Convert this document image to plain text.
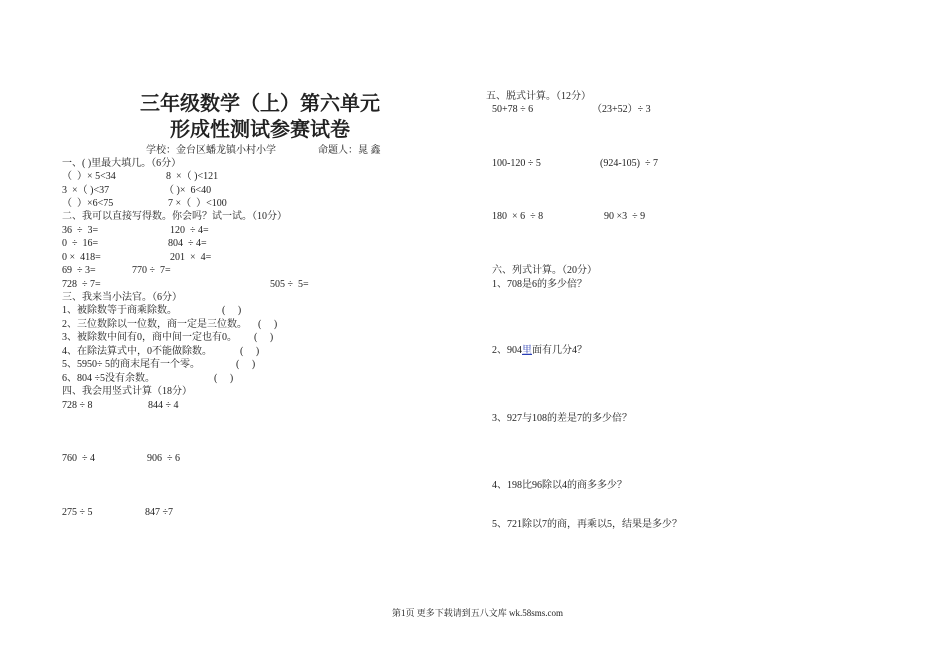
三年级数学（上）第六单元
形成性测试参赛试卷
学校：金台区蟠龙镇小村小学	命题人：晁 鑫
一、( )里最大填几。（6分）
（  ）× 5<34	8  ×（ )<121
3  ×（ )<37	（ )×  6<40
（  ）×6<75	7 ×（  ）<100
二、我可以直接写得数。你会吗？试一试。（10分）
36  ÷  3=	120  ÷ 4=
0  ÷  16=	804  ÷ 4=
0 ×  418=	201  ×  4=
69  ÷ 3=	770 ÷  7=
728  ÷ 7=	505 ÷  5=
三、我来当小法官。（6分）
1、被除数等于商乘除数。	(     )
2、三位数除以一位数，商一定是三位数。 (     )
3、被除数中间有0，商中间一定也有0。 (     )
4、在除法算式中，0不能做除数。	(     )
5、5950÷ 5的商末尾有一个零。	(     )
6、804 ÷5没有余数。	(     )
四、我会用竖式计算（18分）
728 ÷ 8	844 ÷ 4
760  ÷ 4	906  ÷ 6
275 ÷ 5	847 ÷7
五、脱式计算。（12分）
50+78 ÷ 6	（23+52）÷ 3
100-120 ÷ 5	(924-105)  ÷ 7
180  × 6  ÷ 8	90 ×3  ÷ 9
六、列式计算。（20分）
1、708是6的多少倍？
2、904里面有几分4？
3、927与108的差是7的多少倍？
4、198比96除以4的商多多少？
5、721除以7的商，再乘以5，结果是多少？
第1页 更多下载请到五八文库 wk.58sms.com
